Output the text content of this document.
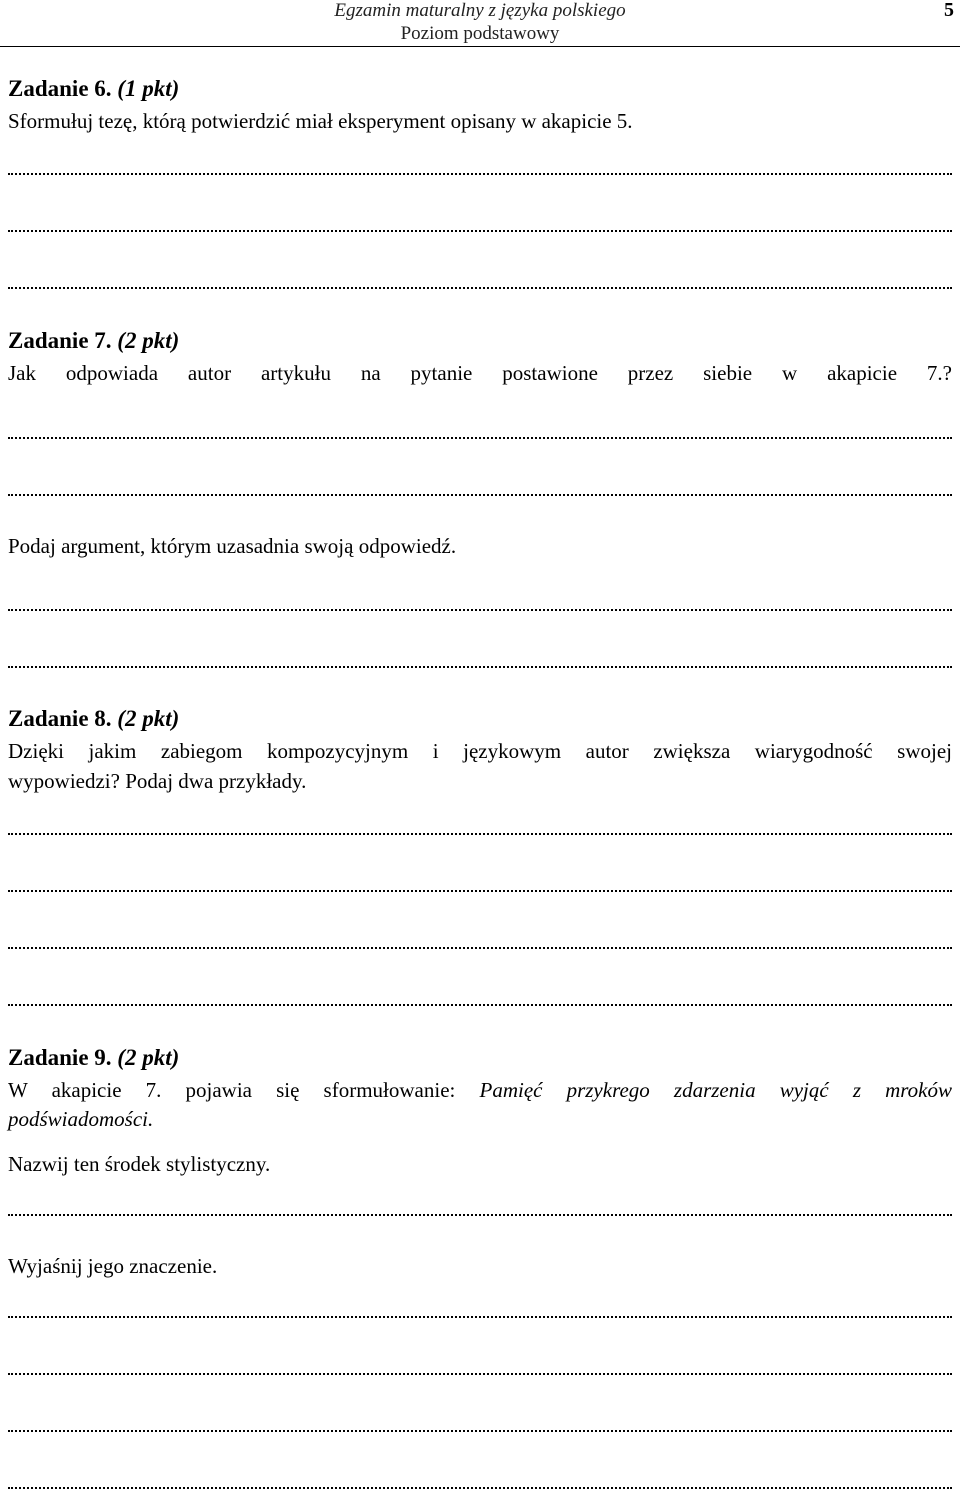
Egzamin maturalny z języka polskiego
Poziom podstawowy
5
Zadanie 6. (1 pkt)
Sformułuj tezę, którą potwierdzić miał eksperyment opisany w akapicie 5.
Zadanie 7. (2 pkt)
Jak odpowiada autor artykułu na pytanie postawione przez siebie w akapicie 7.?
Podaj argument, którym uzasadnia swoją odpowiedź.
Zadanie 8. (2 pkt)
Dzięki jakim zabiegom kompozycyjnym i językowym autor zwiększa wiarygodność swojej
wypowiedzi? Podaj dwa przykłady.
Zadanie 9. (2 pkt)
W akapicie 7. pojawia się sformułowanie: Pamięć przykrego zdarzenia wyjąć z mroków
podświadomości.
Nazwij ten środek stylistyczny.
Wyjaśnij jego znaczenie.
